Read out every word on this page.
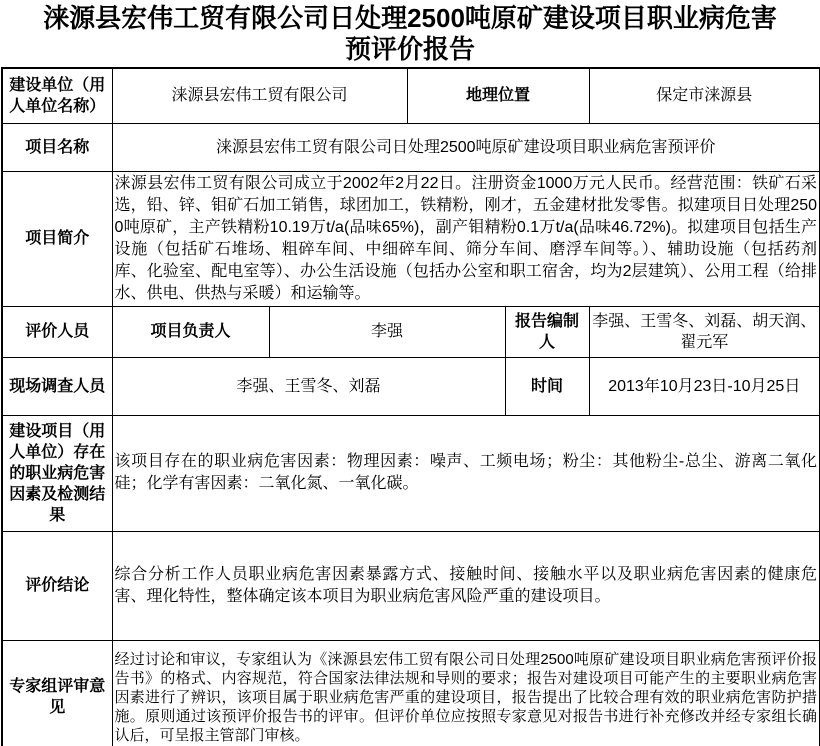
涞源县宏伟工贸有限公司日处理2500吨原矿建设项目职业病危害
预评价报告
建设单位（用人单位名称）	涞源县宏伟工贸有限公司		地理位置		保定市涞源县
项目名称	涞源县宏伟工贸有限公司日处理2500吨原矿建设项目职业病危害预评价				
项目简介	涞源县宏伟工贸有限公司成立于2002年2月22日。注册资金1000万元人民币。经营范围：铁矿石采选，铅、锌、钼矿石加工销售，球团加工，铁精粉，刚才，五金建材批发零售。拟建项目日处理2500吨原矿，主产铁精粉10.19万t/a(品味65%)，副产钼精粉0.1万t/a(品味46.72%)。拟建项目包括生产设施（包括矿石堆场、粗碎车间、中细碎车间、筛分车间、磨浮车间等。）、辅助设施（包括药剂库、化验室、配电室等）、办公生活设施（包括办公室和职工宿舍，均为2层建筑）、公用工程（给排水、供电、供热与采暖）和运输等。				
评价人员	项目负责人	李强		报告编制人	李强、王雪冬、刘磊、胡天润、翟元军
现场调查人员	李强、王雪冬、刘磊			时间	2013年10月23日-10月25日
建设项目（用人单位）存在的职业病危害因素及检测结果	该项目存在的职业病危害因素：物理因素：噪声、工频电场；粉尘：其他粉尘-总尘、游离二氧化硅；化学有害因素：二氧化氮、一氧化碳。				
评价结论	综合分析工作人员职业病危害因素暴露方式、接触时间、接触水平以及职业病危害因素的健康危害、理化特性，整体确定该本项目为职业病危害风险严重的建设项目。				
专家组评审意见	经过讨论和审议，专家组认为《涞源县宏伟工贸有限公司日处理2500吨原矿建设项目职业病危害预评价报告书》的格式、内容规范，符合国家法律法规和导则的要求；报告对建设项目可能产生的主要职业病危害因素进行了辨识，该项目属于职业病危害严重的建设项目，报告提出了比较合理有效的职业病危害防护措施。原则通过该预评价报告书的评审。但评价单位应按照专家意见对报告书进行补充修改并经专家组长确认后，可呈报主管部门审核。				
